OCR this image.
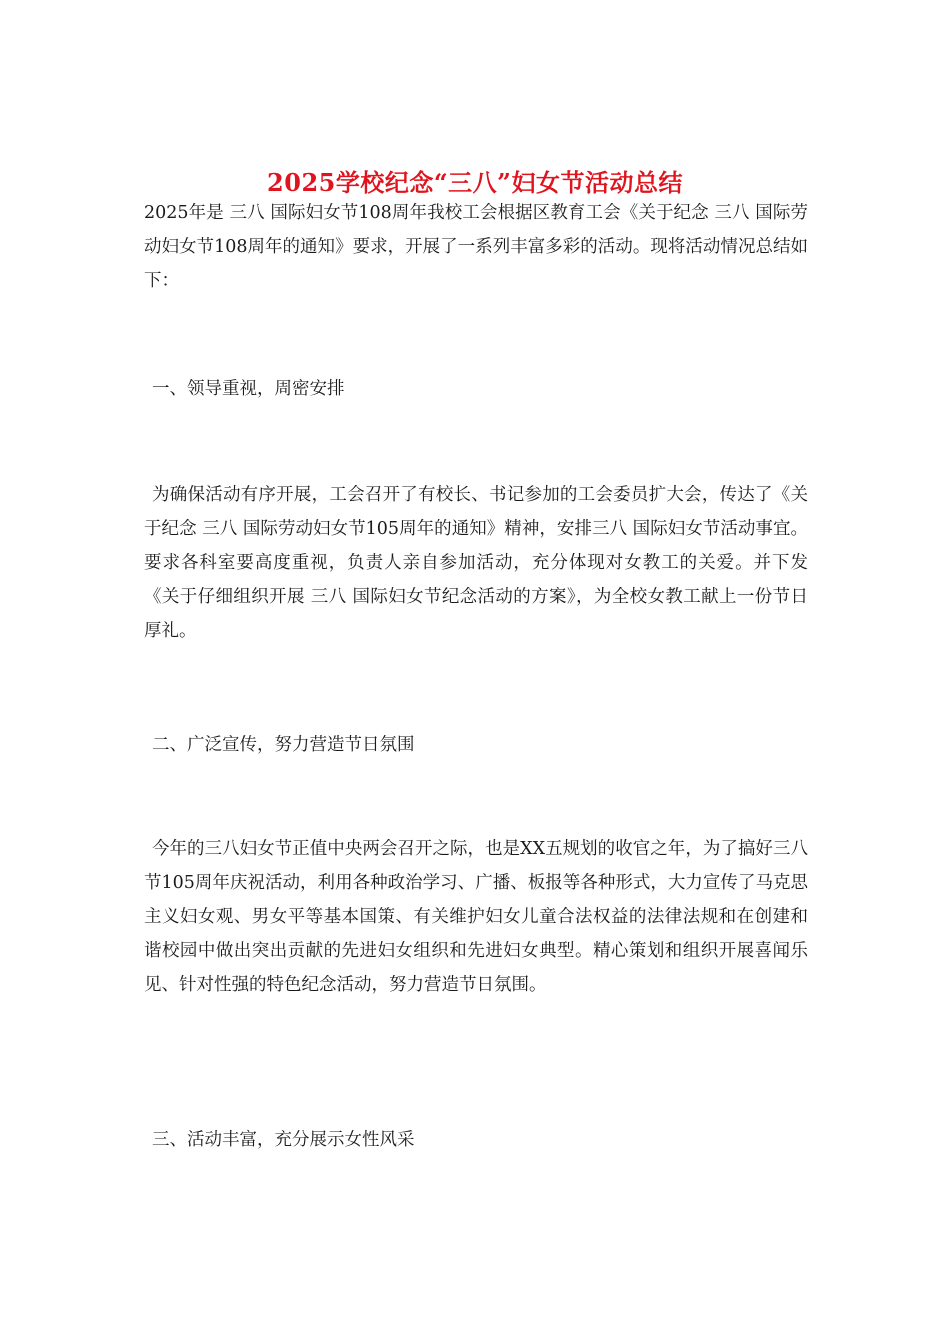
2025学校纪念“三八”妇女节活动总结

2025年是 三八 国际妇女节108周年我校工会根据区教育工会《关于纪念 三八 国际劳动妇女节108周年的通知》要求，开展了一系列丰富多彩的活动。现将活动情况总结如下：

一、领导重视，周密安排

为确保活动有序开展，工会召开了有校长、书记参加的工会委员扩大会，传达了《关于纪念 三八 国际劳动妇女节105周年的通知》精神，安排三八 国际妇女节活动事宜。要求各科室要高度重视，负责人亲自参加活动，充分体现对女教工的关爱。并下发《关于仔细组织开展 三八 国际妇女节纪念活动的方案》，为全校女教工献上一份节日厚礼。

二、广泛宣传，努力营造节日氛围

今年的三八妇女节正值中央两会召开之际，也是XX五规划的收官之年，为了搞好三八节105周年庆祝活动，利用各种政治学习、广播、板报等各种形式，大力宣传了马克思主义妇女观、男女平等基本国策、有关维护妇女儿童合法权益的法律法规和在创建和谐校园中做出突出贡献的先进妇女组织和先进妇女典型。精心策划和组织开展喜闻乐见、针对性强的特色纪念活动，努力营造节日氛围。

三、活动丰富，充分展示女性风采
